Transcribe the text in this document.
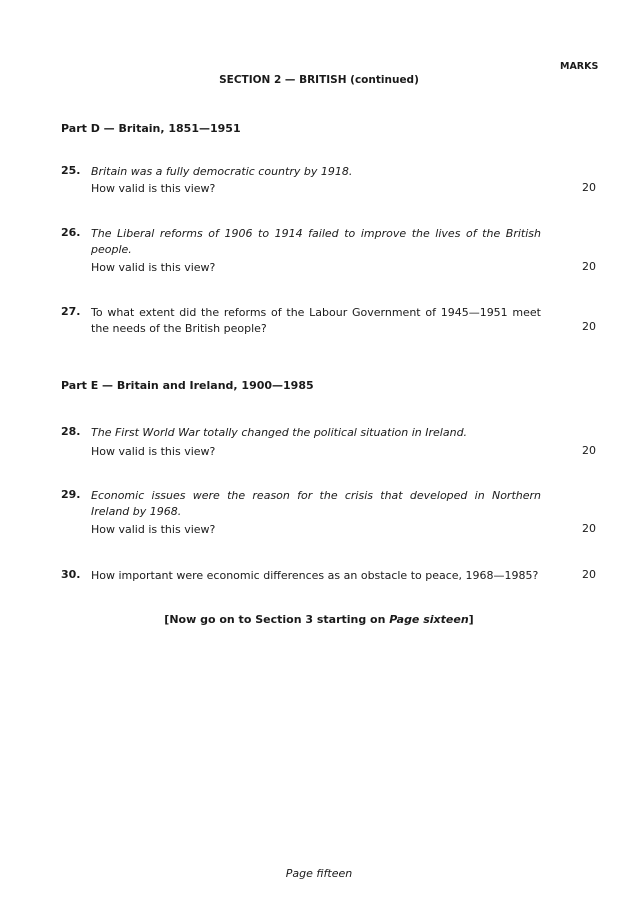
MARKS
SECTION 2 — BRITISH (continued)
Part D — Britain, 1851—1951
25. Britain was a fully democratic country by 1918.
How valid is this view?	20
26. The Liberal reforms of 1906 to 1914 failed to improve the lives of the British people.
How valid is this view?	20
27. To what extent did the reforms of the Labour Government of 1945—1951 meet the needs of the British people?	20
Part E — Britain and Ireland, 1900—1985
28. The First World War totally changed the political situation in Ireland.
How valid is this view?	20
29. Economic issues were the reason for the crisis that developed in Northern Ireland by 1968.
How valid is this view?	20
30. How important were economic differences as an obstacle to peace, 1968—1985?	20
[Now go on to Section 3 starting on Page sixteen]
Page fifteen
